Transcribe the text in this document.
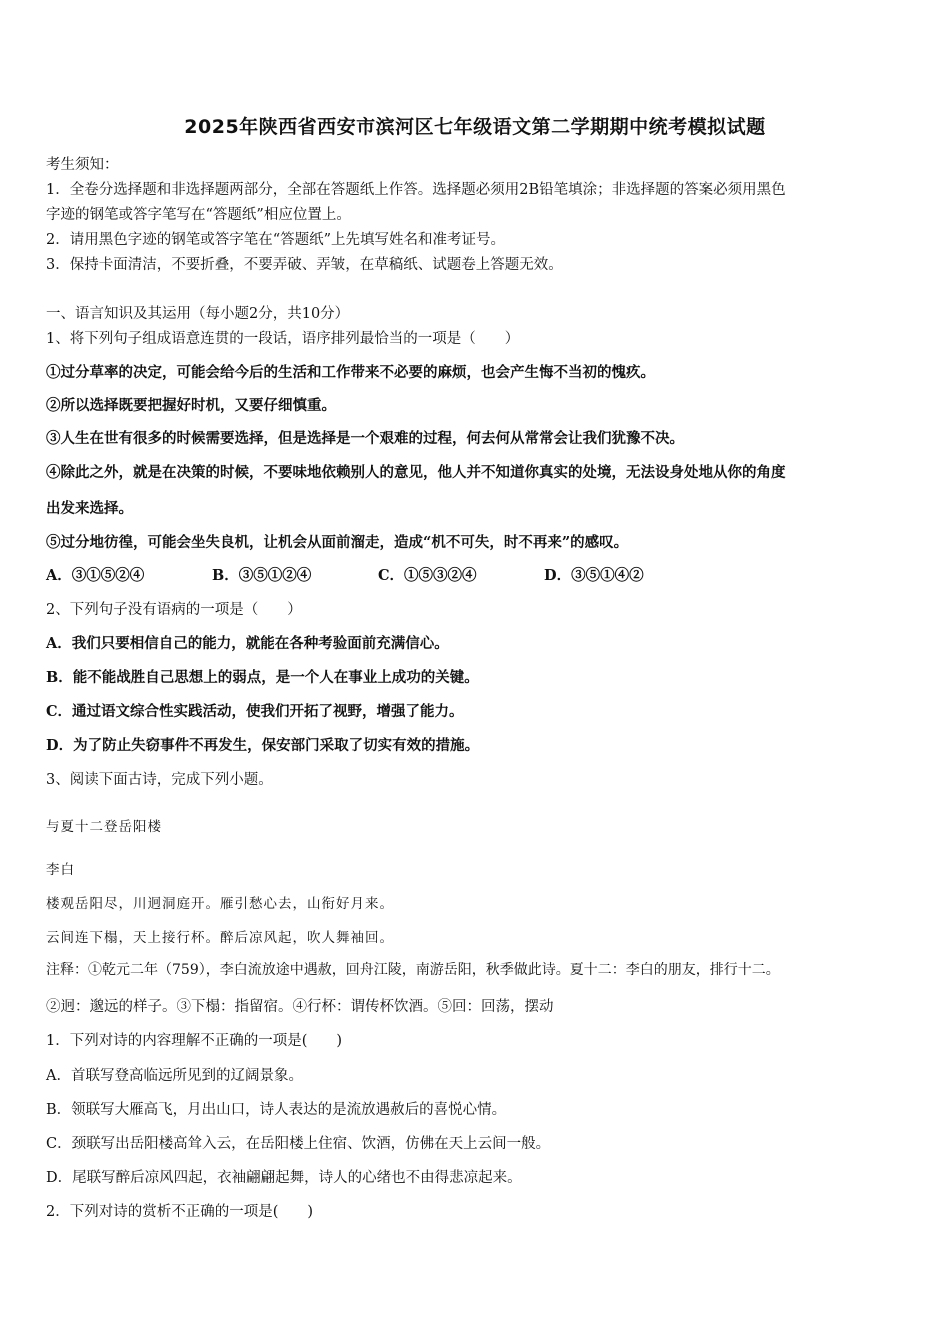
2025年陕西省西安市滨河区七年级语文第二学期期中统考模拟试题
考生须知：
1．全卷分选择题和非选择题两部分，全部在答题纸上作答。选择题必须用2B铅笔填涂；非选择题的答案必须用黑色
字迹的钢笔或答字笔写在“答题纸”相应位置上。
2．请用黑色字迹的钢笔或答字笔在“答题纸”上先填写姓名和准考证号。
3．保持卡面清洁，不要折叠，不要弄破、弄皱，在草稿纸、试题卷上答题无效。
一、语言知识及其运用（每小题2分，共10分）
1、将下列句子组成语意连贯的一段话，语序排列最恰当的一项是（　　）
①过分草率的决定，可能会给今后的生活和工作带来不必要的麻烦，也会产生悔不当初的愧疚。
②所以选择既要把握好时机，又要仔细慎重。
③人生在世有很多的时候需要选择，但是选择是一个艰难的过程，何去何从常常会让我们犹豫不决。
④除此之外，就是在决策的时候，不要味地依赖别人的意见，他人并不知道你真实的处境，无法设身处地从你的角度
出发来选择。
⑤过分地彷徨，可能会坐失良机，让机会从面前溜走，造成“机不可失，时不再来”的感叹。
A．③①⑤②④	B．③⑤①②④	C．①⑤③②④	D．③⑤①④②
2、下列句子没有语病的一项是（　　）
A．我们只要相信自己的能力，就能在各种考验面前充满信心。
B．能不能战胜自己思想上的弱点，是一个人在事业上成功的关键。
C．通过语文综合性实践活动，使我们开拓了视野，增强了能力。
D．为了防止失窃事件不再发生，保安部门采取了切实有效的措施。
3、阅读下面古诗，完成下列小题。
与夏十二登岳阳楼
李白
楼观岳阳尽，川迥洞庭开。雁引愁心去，山衔好月来。
云间连下榻，天上接行杯。醉后凉风起，吹人舞袖回。
注释：①乾元二年（759），李白流放途中遇赦，回舟江陵，南游岳阳，秋季做此诗。夏十二：李白的朋友，排行十二。
②迥：邈远的样子。③下榻：指留宿。④行杯：谓传杯饮酒。⑤回：回荡，摆动
1．下列对诗的内容理解不正确的一项是(　　)
A．首联写登高临远所见到的辽阔景象。
B．领联写大雁高飞，月出山口，诗人表达的是流放遇赦后的喜悦心情。
C．颈联写出岳阳楼高耸入云，在岳阳楼上住宿、饮酒，仿佛在天上云间一般。
D．尾联写醉后凉风四起，衣袖翩翩起舞，诗人的心绪也不由得悲凉起来。
2．下列对诗的赏析不正确的一项是(　　)
